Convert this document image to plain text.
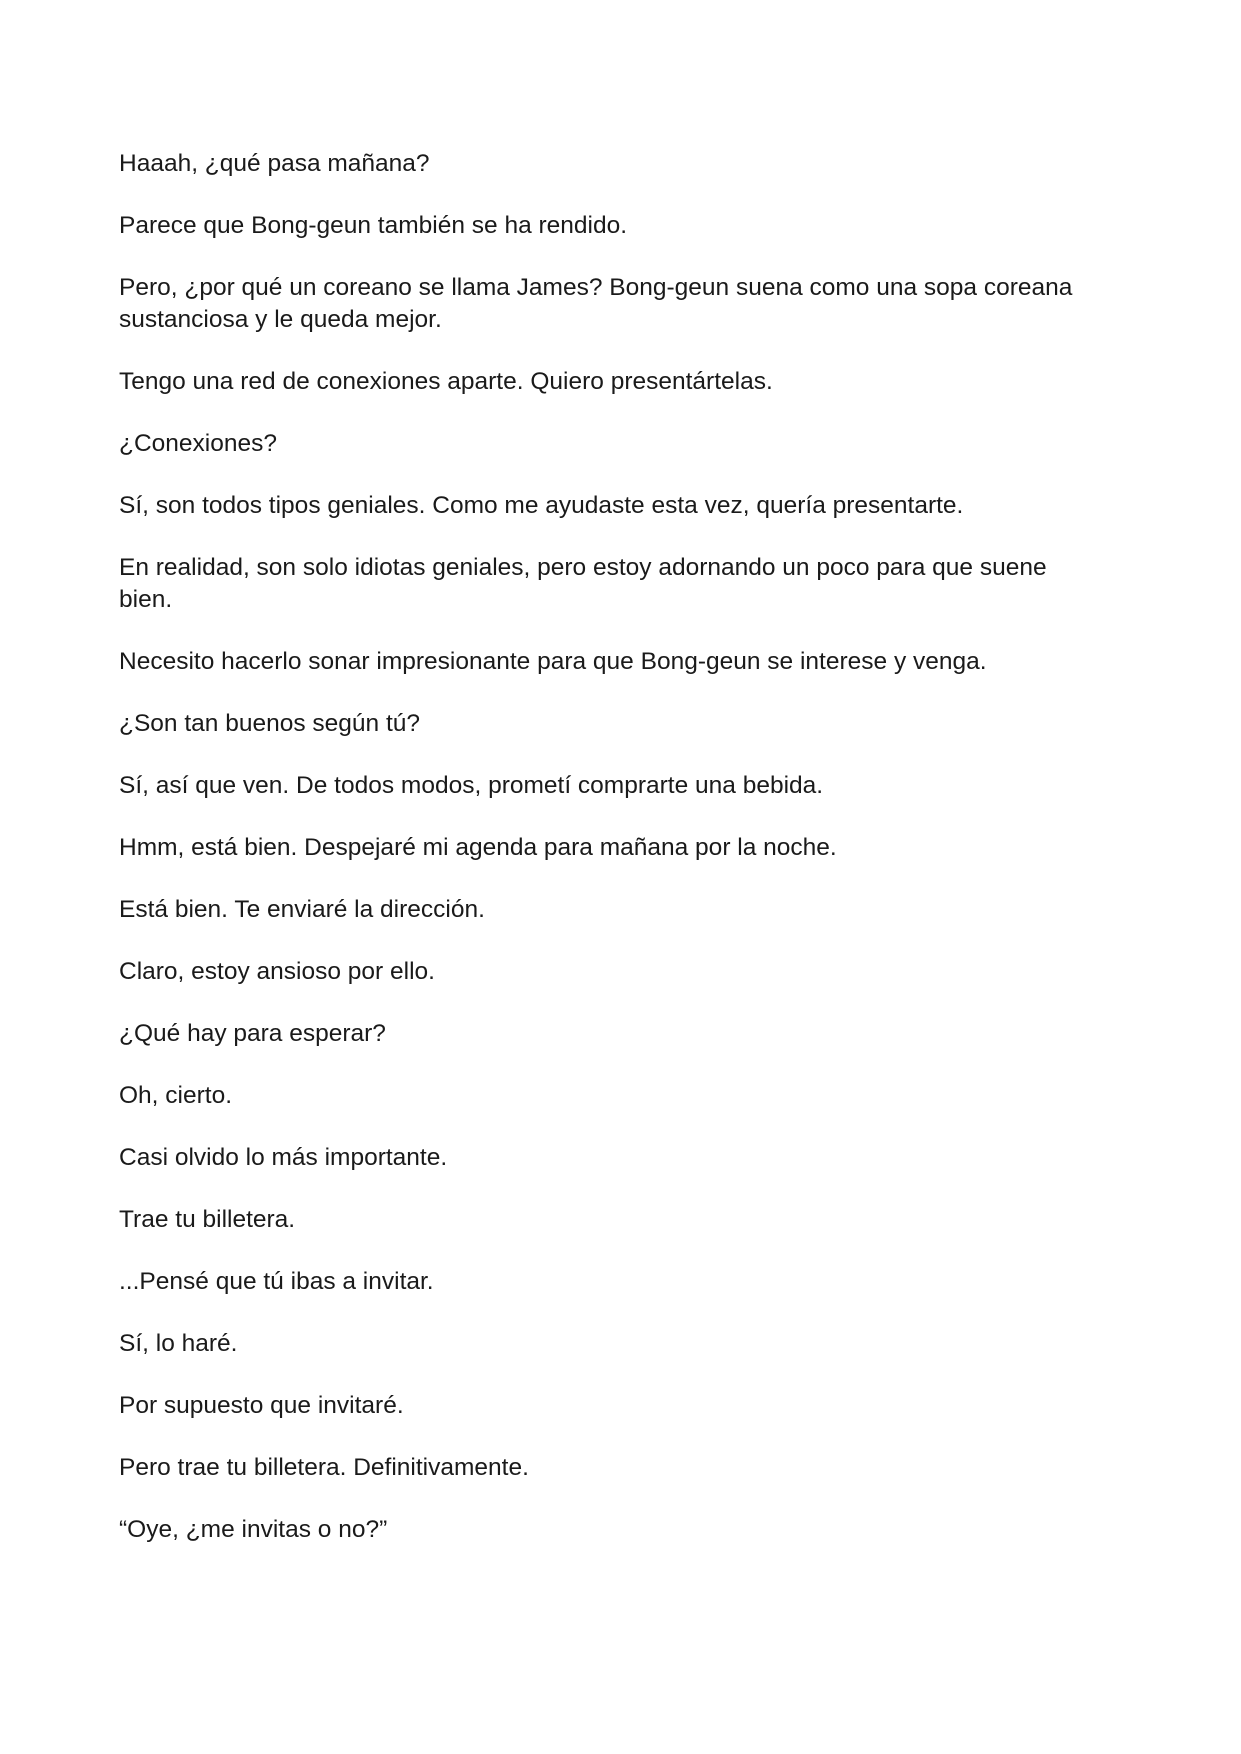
Haaah, ¿qué pasa mañana?

Parece que Bong-geun también se ha rendido.

Pero, ¿por qué un coreano se llama James? Bong-geun suena como una sopa coreana sustanciosa y le queda mejor.

Tengo una red de conexiones aparte. Quiero presentártelas.

¿Conexiones?

Sí, son todos tipos geniales. Como me ayudaste esta vez, quería presentarte.

En realidad, son solo idiotas geniales, pero estoy adornando un poco para que suene bien.

Necesito hacerlo sonar impresionante para que Bong-geun se interese y venga.

¿Son tan buenos según tú?

Sí, así que ven. De todos modos, prometí comprarte una bebida.

Hmm, está bien. Despejaré mi agenda para mañana por la noche.

Está bien. Te enviaré la dirección.

Claro, estoy ansioso por ello.

¿Qué hay para esperar?

Oh, cierto.

Casi olvido lo más importante.

Trae tu billetera.

...Pensé que tú ibas a invitar.

Sí, lo haré.

Por supuesto que invitaré.

Pero trae tu billetera. Definitivamente.

“Oye, ¿me invitas o no?”
